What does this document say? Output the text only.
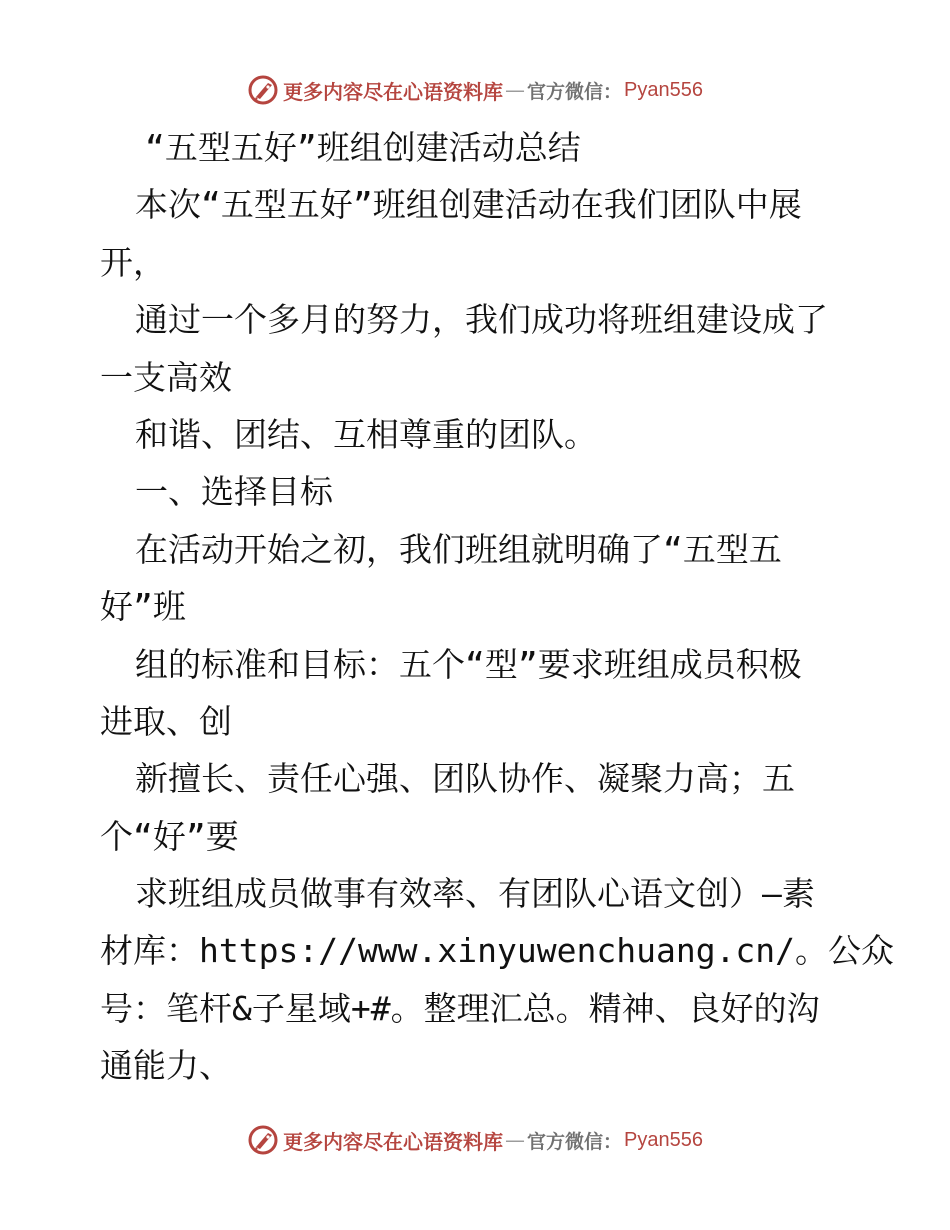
更多内容尽在心语资料库 — 官方微信： Pyan556
“五型五好”班组创建活动总结
本次“五型五好”班组创建活动在我们团队中展
开，
通过一个多月的努力，我们成功将班组建设成了
一支高效
和谐、团结、互相尊重的团队。
一、选择目标
在活动开始之初，我们班组就明确了“五型五
好”班
组的标准和目标：五个“型”要求班组成员积极
进取、创
新擅长、责任心强、团队协作、凝聚力高；五
个“好”要
求班组成员做事有效率、有团队心语文创）—素
材库：https://www.xinyuwenchuang.cn/。公众
号：笔杆&子星域+#。整理汇总。精神、良好的沟
通能力、
更多内容尽在心语资料库 — 官方微信： Pyan556
